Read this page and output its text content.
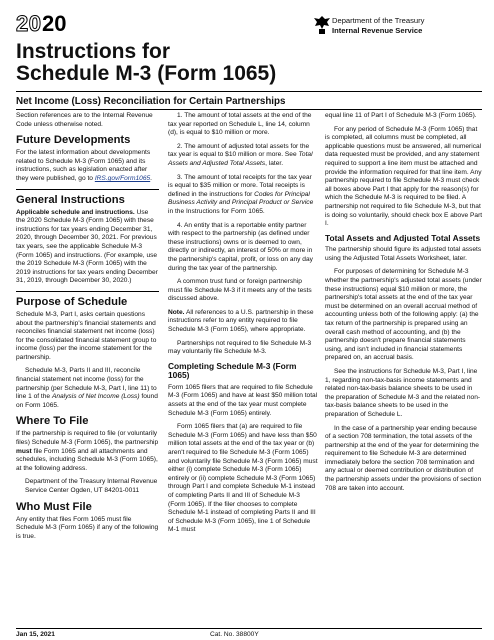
20 20	Department of the Treasury
Internal Revenue Service
Instructions for
Schedule M-3 (Form 1065)
Net Income (Loss) Reconciliation for Certain Partnerships

Section references are to the Internal Revenue Code unless otherwise noted.

Future Developments

For the latest information about developments related to Schedule M-3 (Form 1065) and its instructions, such as legislation enacted after they were published, go to IRS.gov/Form1065.

General Instructions

Applicable schedule and instructions. Use the 2020 Schedule M-3 (Form 1065) with these instructions for tax years ending December 31, 2020, through December 30, 2021. For previous tax years, see the applicable Schedule M-3 (Form 1065) and instructions. (For example, use the 2019 Schedule M-3 (Form 1065) with the 2019 instructions for tax years ending December 31, 2019, through December 30, 2020.)

Purpose of Schedule

Schedule M-3, Part I, asks certain questions about the partnership's financial statements and reconciles financial statement net income (loss) for the consolidated financial statement group to income (loss) per the income statement for the partnership.

Schedule M-3, Parts II and III, reconcile financial statement net income (loss) for the partnership (per Schedule M-3, Part I, line 11) to line 1 of the Analysis of Net Income (Loss) found on Form 1065.

Where To File

If the partnership is required to file (or voluntarily files) Schedule M-3 (Form 1065), the partnership must file Form 1065 and all attachments and schedules, including Schedule M-3 (Form 1065), at the following address.

Department of the Treasury Internal Revenue Service Center Ogden, UT 84201-0011

Who Must File

Any entity that files Form 1065 must file Schedule M-3 (Form 1065) if any of the following is true.

1. The amount of total assets at the end of the tax year reported on Schedule L, line 14, column (d), is equal to $10 million or more.

2. The amount of adjusted total assets for the tax year is equal to $10 million or more. See Total Assets and Adjusted Total Assets, later.

3. The amount of total receipts for the tax year is equal to $35 million or more. Total receipts is defined in the instructions for Codes for Principal Business Activity and Principal Product or Service in the Instructions for Form 1065.

4. An entity that is a reportable entity partner with respect to the partnership (as defined under these instructions) owns or is deemed to own, directly or indirectly, an interest of 50% or more in the partnership's capital, profit, or loss on any day during the tax year of the partnership.

A common trust fund or foreign partnership must file Schedule M-3 if it meets any of the tests discussed above.

Note. All references to a U.S. partnership in these instructions refer to any entity required to file Schedule M-3 (Form 1065), where appropriate.

Partnerships not required to file Schedule M-3 may voluntarily file Schedule M-3.

Completing Schedule M-3 (Form 1065)

Form 1065 filers that are required to file Schedule M-3 (Form 1065) and have at least $50 million total assets at the end of the tax year must complete Schedule M-3 (Form 1065) entirely.

Form 1065 filers that (a) are required to file Schedule M-3 (Form 1065) and have less than $50 million total assets at the end of the tax year or (b) aren't required to file Schedule M-3 (Form 1065) and voluntarily file Schedule M-3 (Form 1065) must either (i) complete Schedule M-3 (Form 1065) entirely or (ii) complete Schedule M-3 (Form 1065) through Part I and complete Schedule M-1 instead of completing Parts II and III of Schedule M-3 (Form 1065). If the filer chooses to complete Schedule M-1 instead of completing Parts II and III of Schedule M-3 (Form 1065), line 1 of Schedule M-1 must

equal line 11 of Part I of Schedule M-3 (Form 1065).

For any period of Schedule M-3 (Form 1065) that is completed, all columns must be completed, all applicable questions must be answered, all numerical data requested must be provided, and any statement required to support a line item must be attached and provide the information required for that line item. Any partnership required to file Schedule M-3 must check all boxes above Part I that apply for the reason(s) for which the Schedule M-3 is required to be filed. A partnership not required to file Schedule M-3, but that is doing so voluntarily, should check box E above Part I.

Total Assets and Adjusted Total Assets

The partnership should figure its adjusted total assets using the Adjusted Total Assets Worksheet, later.

For purposes of determining for Schedule M-3 whether the partnership's adjusted total assets (under these instructions) equal $10 million or more, the partnership's total assets at the end of the tax year must be determined on an overall accrual method of accounting unless both of the following apply: (a) the tax return of the partnership is prepared using an overall cash method of accounting, and (b) the partnership doesn't prepare financial statements using, and isn't included in financial statements prepared on, an accrual basis.

See the instructions for Schedule M-3, Part I, line 1, regarding non-tax-basis income statements and related non-tax-basis balance sheets to be used in the preparation of Schedule M-3 and the related non-tax-basis balance sheets to be used in the preparation of Schedule L.

In the case of a partnership year ending because of a section 708 termination, the total assets of the partnership at the end of the year for determining the requirement to file Schedule M-3 are determined immediately before the section 708 termination and any actual or deemed contribution or distribution of the partnership assets under the provisions of section 708 are taken into account.

Jan 15, 2021	Cat. No. 38800Y
